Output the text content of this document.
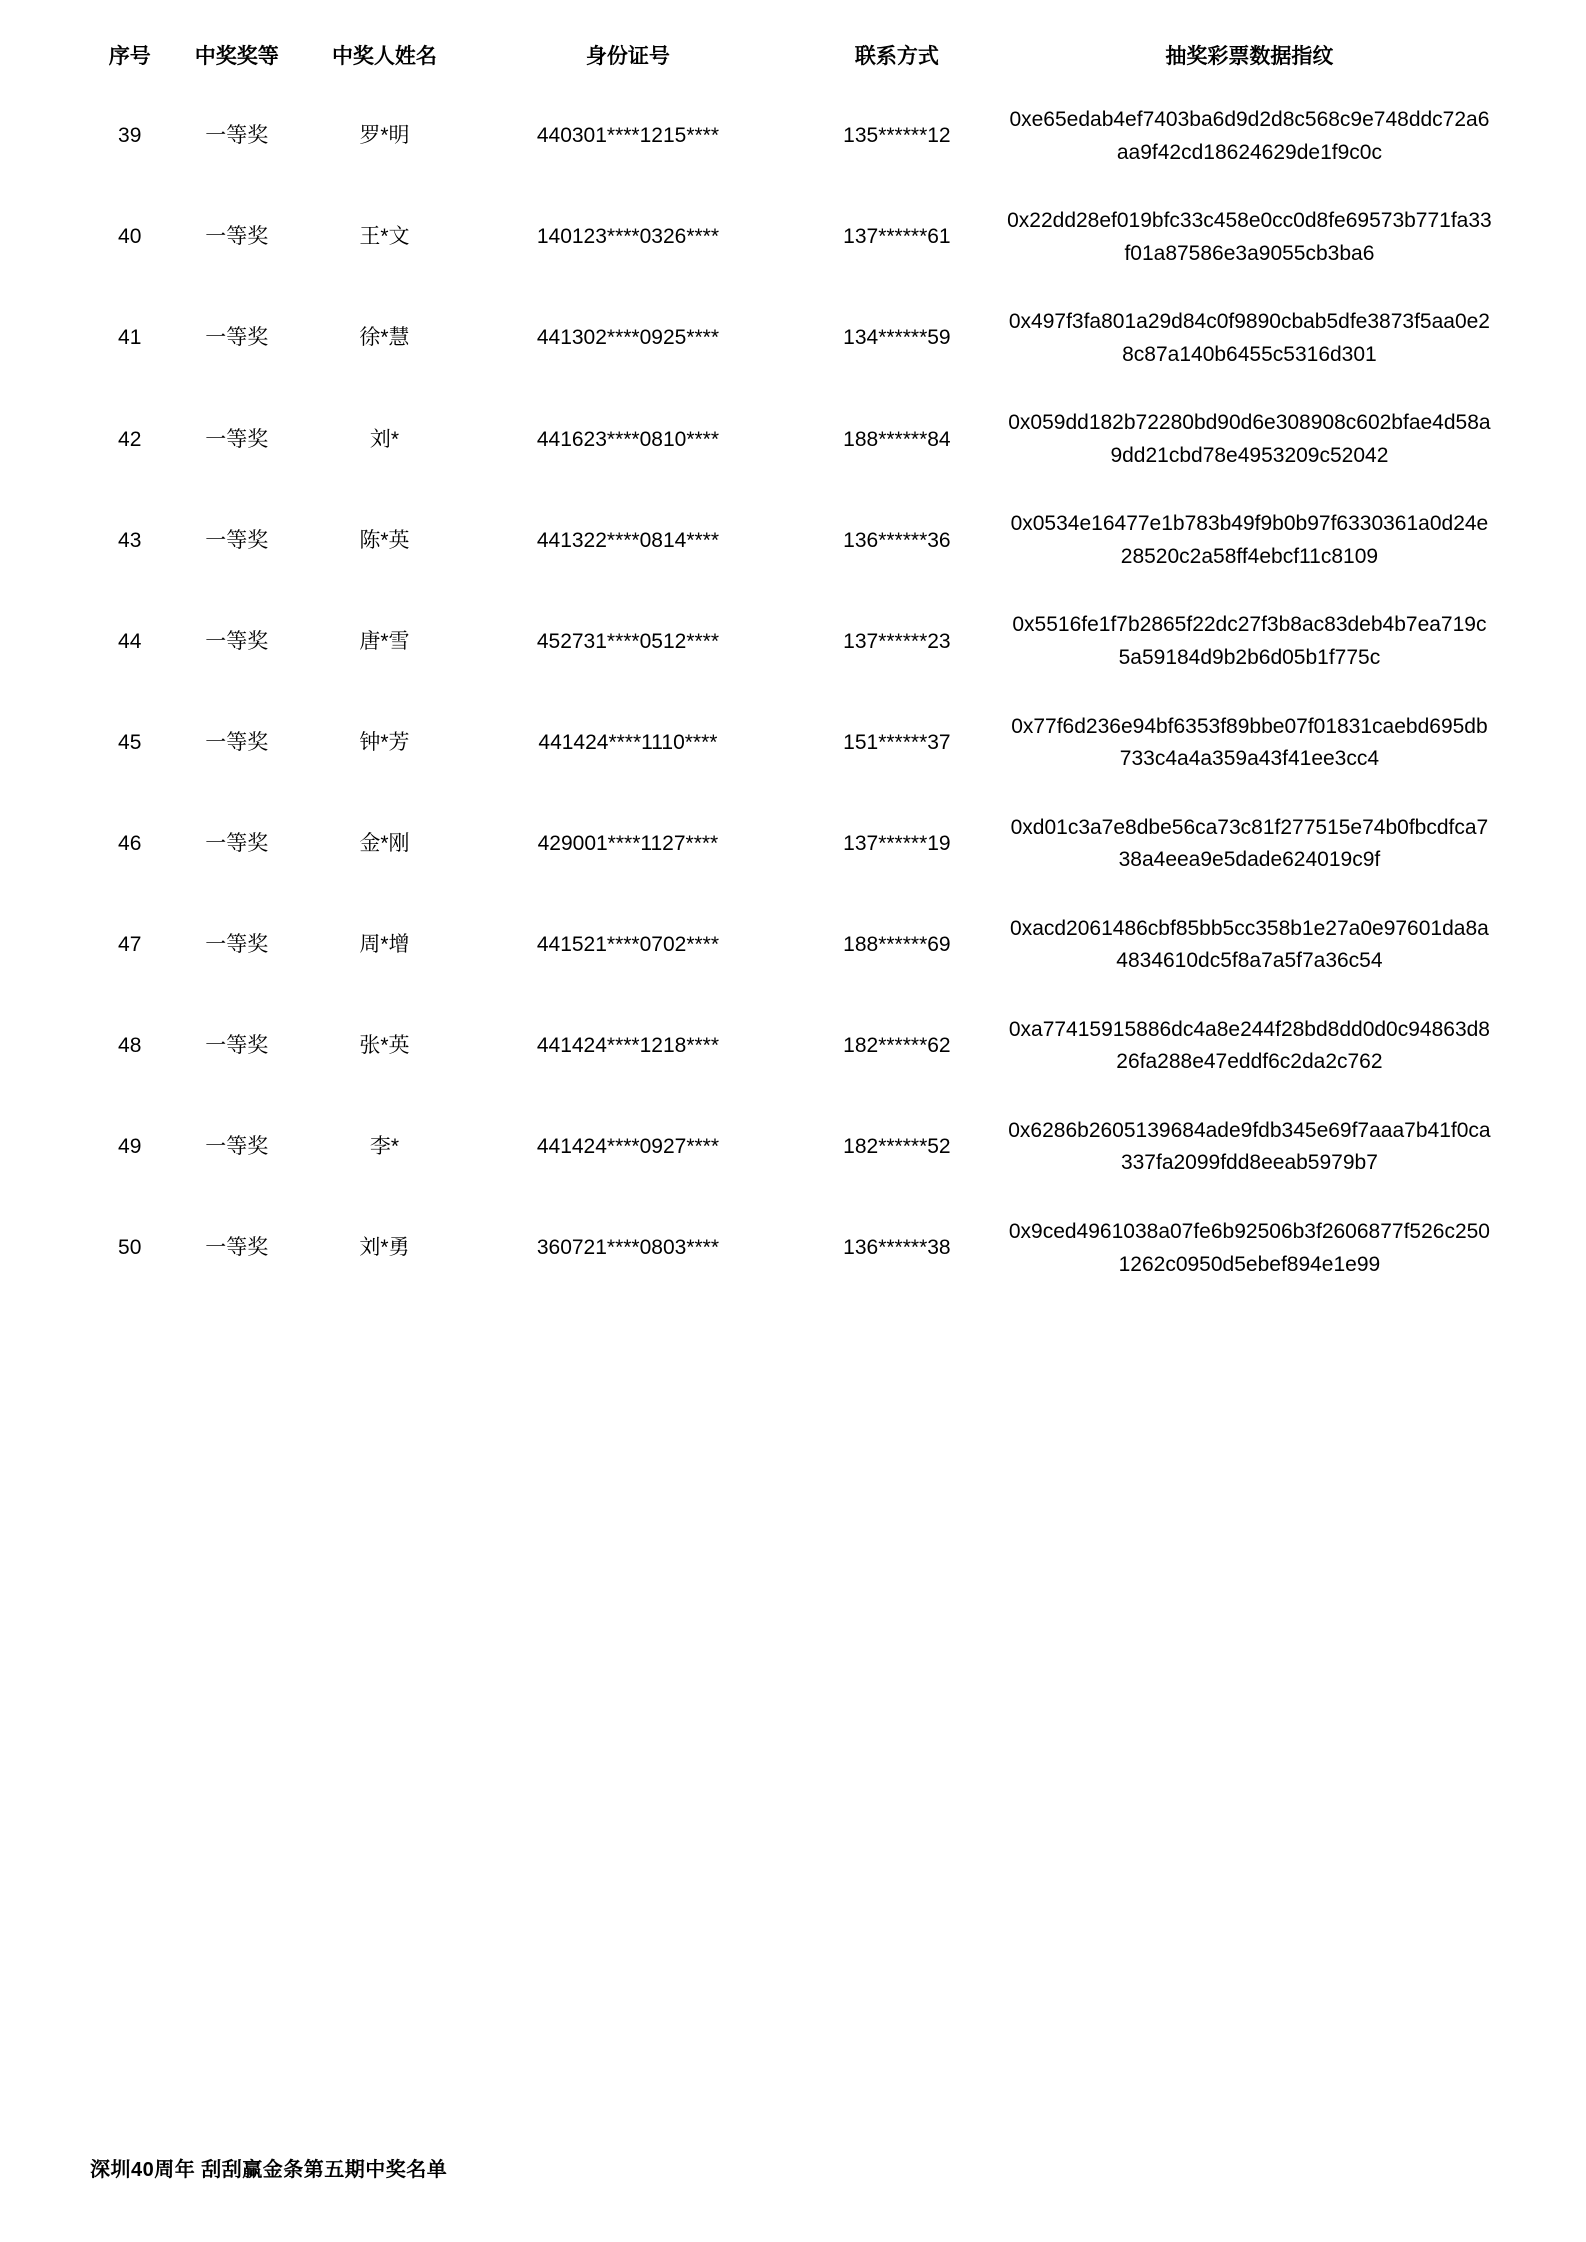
序号	中奖奖等	中奖人姓名	身份证号	联系方式	抽奖彩票数据指纹
39	一等奖	罗*明	440301****1215****	135******12	0xe65edab4ef7403ba6d9d2d8c568c9e748ddc72a6aa9f42cd18624629de1f9c0c
40	一等奖	王*文	140123****0326****	137******61	0x22dd28ef019bfc33c458e0cc0d8fe69573b771fa33f01a87586e3a9055cb3ba6
41	一等奖	徐*慧	441302****0925****	134******59	0x497f3fa801a29d84c0f9890cbab5dfe3873f5aa0e28c87a140b6455c5316d301
42	一等奖	刘*	441623****0810****	188******84	0x059dd182b72280bd90d6e308908c602bfae4d58a9dd21cbd78e4953209c52042
43	一等奖	陈*英	441322****0814****	136******36	0x0534e16477e1b783b49f9b0b97f6330361a0d24e28520c2a58ff4ebcf11c8109
44	一等奖	唐*雪	452731****0512****	137******23	0x5516fe1f7b2865f22dc27f3b8ac83deb4b7ea719c5a59184d9b2b6d05b1f775c
45	一等奖	钟*芳	441424****1110****	151******37	0x77f6d236e94bf6353f89bbe07f01831caebd695db733c4a4a359a43f41ee3cc4
46	一等奖	金*刚	429001****1127****	137******19	0xd01c3a7e8dbe56ca73c81f277515e74b0fbcdfca738a4eea9e5dade624019c9f
47	一等奖	周*增	441521****0702****	188******69	0xacd2061486cbf85bb5cc358b1e27a0e97601da8a4834610dc5f8a7a5f7a36c54
48	一等奖	张*英	441424****1218****	182******62	0xa77415915886dc4a8e244f28bd8dd0d0c94863d826fa288e47eddf6c2da2c762
49	一等奖	李*	441424****0927****	182******52	0x6286b2605139684ade9fdb345e69f7aaa7b41f0ca337fa2099fdd8eeab5979b7
50	一等奖	刘*勇	360721****0803****	136******38	0x9ced4961038a07fe6b92506b3f2606877f526c2501262c0950d5ebef894e1e99
深圳40周年 刮刮赢金条第五期中奖名单
